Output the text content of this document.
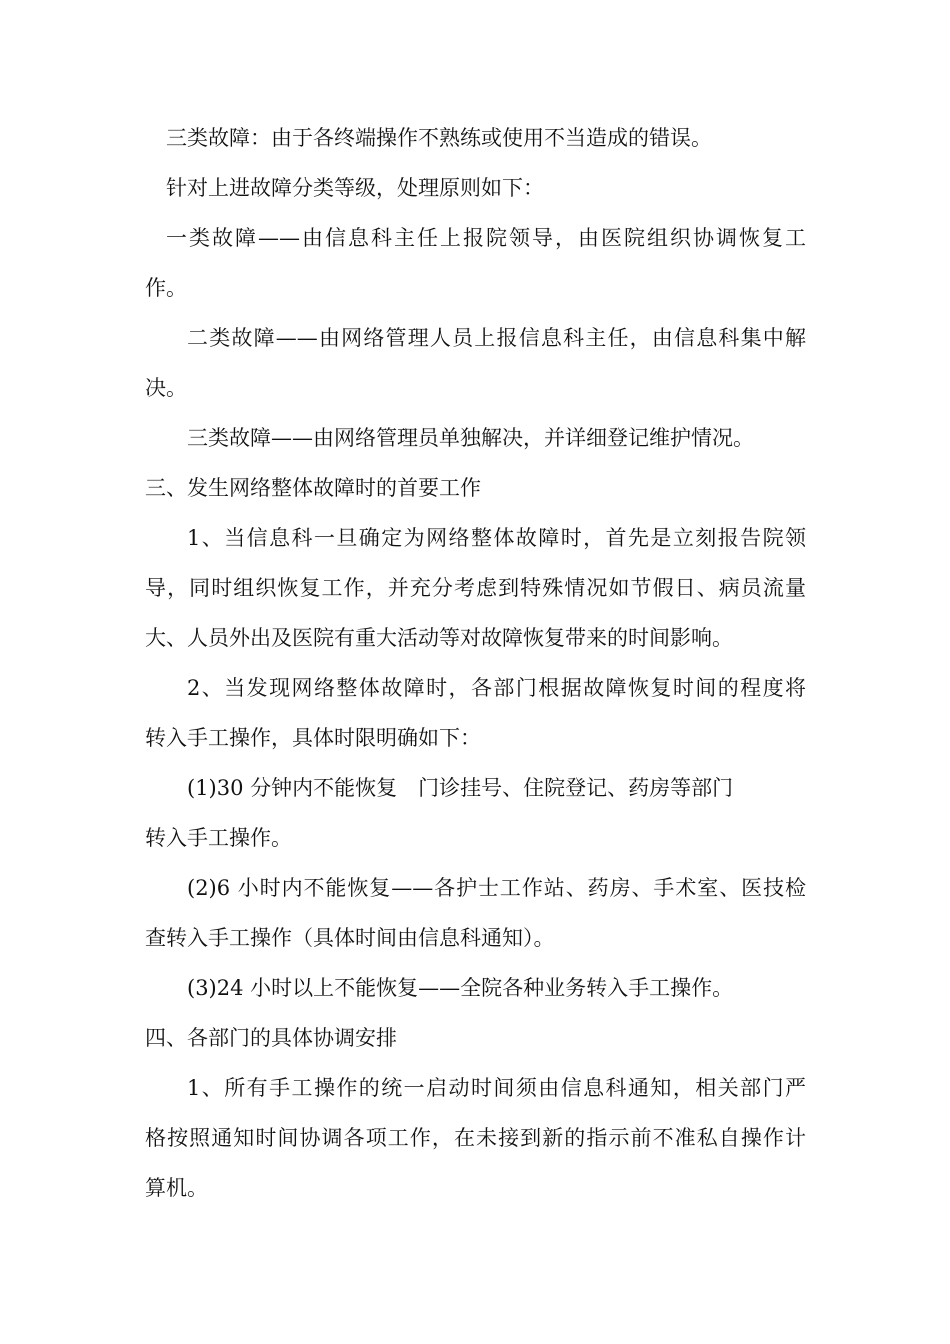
三类故障：由于各终端操作不熟练或使用不当造成的错误。
针对上进故障分类等级，处理原则如下：
一类故障——由信息科主任上报院领导，由医院组织协调恢复工
作。
二类故障——由网络管理人员上报信息科主任，由信息科集中解
决。
三类故障——由网络管理员单独解决，并详细登记维护情况。
三、发生网络整体故障时的首要工作
1、当信息科一旦确定为网络整体故障时，首先是立刻报告院领
导，同时组织恢复工作，并充分考虑到特殊情况如节假日、病员流量
大、人员外出及医院有重大活动等对故障恢复带来的时间影响。
2、当发现网络整体故障时，各部门根据故障恢复时间的程度将
转入手工操作，具体时限明确如下：
(1)30 分钟内不能恢复　门诊挂号、住院登记、药房等部门
转入手工操作。
(2)6 小时内不能恢复——各护士工作站、药房、手术室、医技检
查转入手工操作（具体时间由信息科通知）。
(3)24 小时以上不能恢复——全院各种业务转入手工操作。
四、各部门的具体协调安排
1、所有手工操作的统一启动时间须由信息科通知，相关部门严
格按照通知时间协调各项工作，在未接到新的指示前不准私自操作计
算机。
